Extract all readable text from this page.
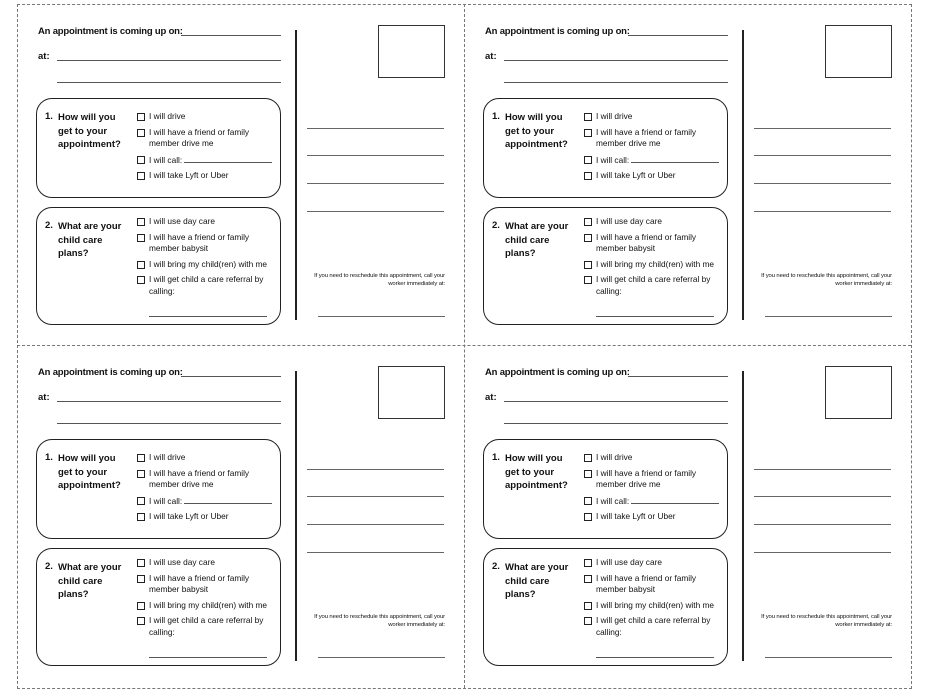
An appointment is coming up on:
at:
1. How will you get to your appointment?
I will drive
I will have a friend or family member drive me
I will call:
I will take Lyft or Uber
2. What are your child care plans?
I will use day care
I will have a friend or family member babysit
I will bring my child(ren) with me
I will get child a care referral by calling:
If you need to reschedule this appointment, call your worker immediately at:
An appointment is coming up on:
at:
1. How will you get to your appointment?
I will drive
I will have a friend or family member drive me
I will call:
I will take Lyft or Uber
2. What are your child care plans?
I will use day care
I will have a friend or family member babysit
I will bring my child(ren) with me
I will get child a care referral by calling:
If you need to reschedule this appointment, call your worker immediately at:
An appointment is coming up on:
at:
1. How will you get to your appointment?
I will drive
I will have a friend or family member drive me
I will call:
I will take Lyft or Uber
2. What are your child care plans?
I will use day care
I will have a friend or family member babysit
I will bring my child(ren) with me
I will get child a care referral by calling:
If you need to reschedule this appointment, call your worker immediately at:
An appointment is coming up on:
at:
1. How will you get to your appointment?
I will drive
I will have a friend or family member drive me
I will call:
I will take Lyft or Uber
2. What are your child care plans?
I will use day care
I will have a friend or family member babysit
I will bring my child(ren) with me
I will get child a care referral by calling:
If you need to reschedule this appointment, call your worker immediately at:
